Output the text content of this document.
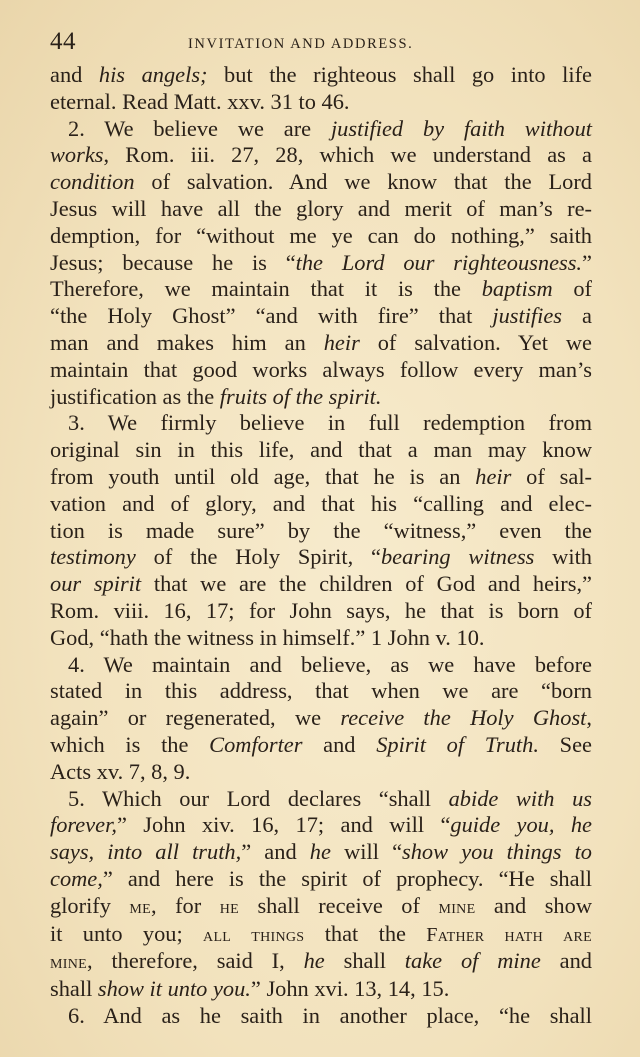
44	INVITATION AND ADDRESS.
and his angels; but the righteous shall go into life
eternal. Read Matt. xxv. 31 to 46.
2. We believe we are justified by faith without
works, Rom. iii. 27, 28, which we understand as a
condition of salvation. And we know that the Lord
Jesus will have all the glory and merit of man’s re-
demption, for “without me ye can do nothing,” saith
Jesus; because he is “the Lord our righteousness.”
Therefore, we maintain that it is the baptism of
“the Holy Ghost” “and with fire” that justifies a
man and makes him an heir of salvation. Yet we
maintain that good works always follow every man’s
justification as the fruits of the spirit.
3. We firmly believe in full redemption from
original sin in this life, and that a man may know
from youth until old age, that he is an heir of sal-
vation and of glory, and that his “calling and elec-
tion is made sure” by the “witness,” even the
testimony of the Holy Spirit, “bearing witness with
our spirit that we are the children of God and heirs,”
Rom. viii. 16, 17; for John says, he that is born of
God, “hath the witness in himself.” 1 John v. 10.
4. We maintain and believe, as we have before
stated in this address, that when we are “born
again” or regenerated, we receive the Holy Ghost,
which is the Comforter and Spirit of Truth. See
Acts xv. 7, 8, 9.
5. Which our Lord declares “shall abide with us
forever,” John xiv. 16, 17; and will “guide you, he
says, into all truth,” and he will “show you things to
come,” and here is the spirit of prophecy. “He shall
glorify me, for he shall receive of mine and show
it unto you; all things that the Father hath are
mine, therefore, said I, he shall take of mine and
shall show it unto you.” John xvi. 13, 14, 15.
6. And as he saith in another place, “he shall
